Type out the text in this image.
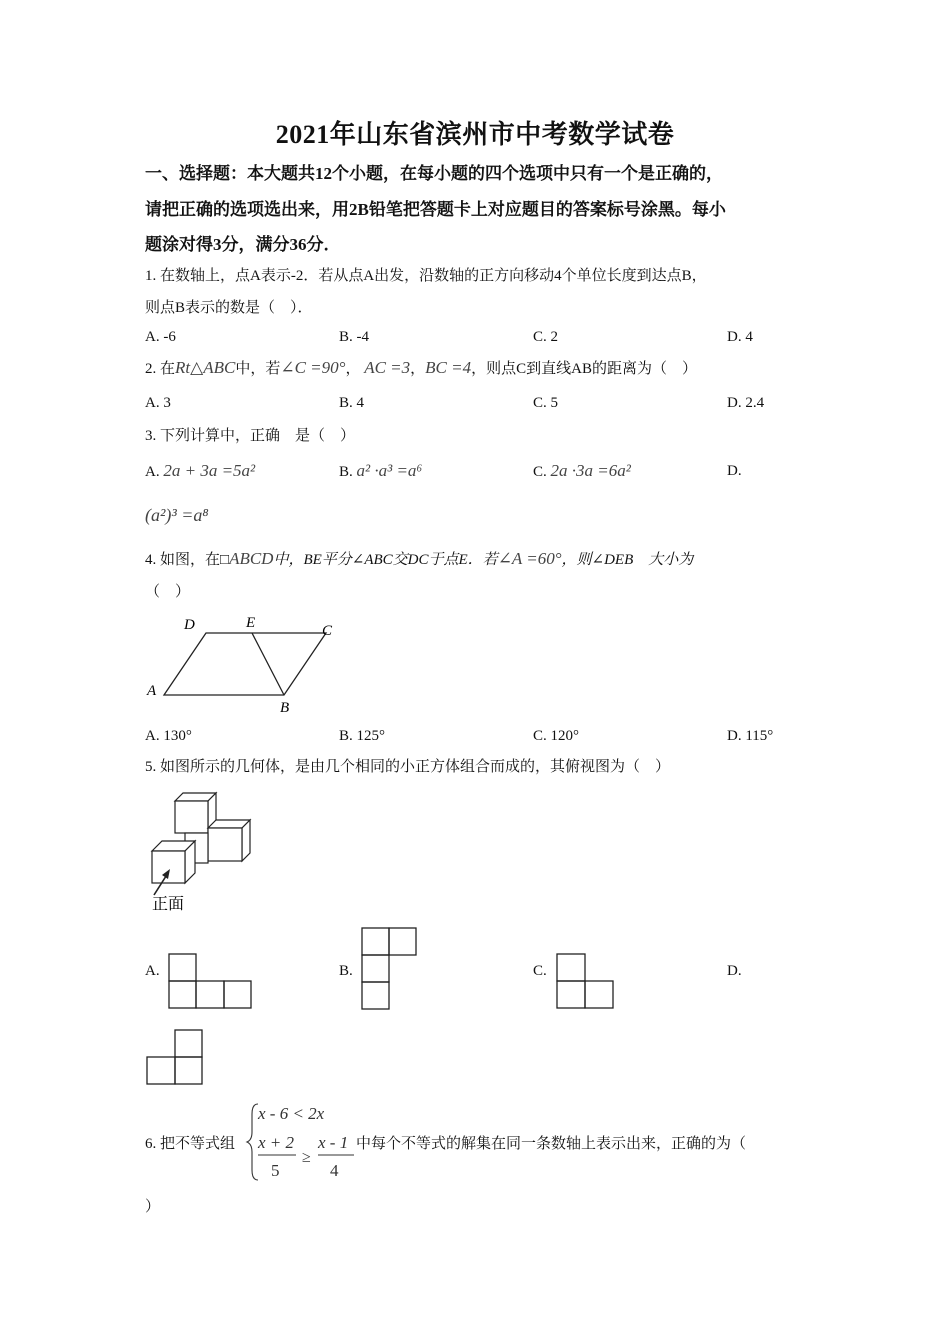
2021年山东省滨州市中考数学试卷
一、选择题：本大题共12个小题，在每小题的四个选项中只有一个是正确的，
请把正确的选项选出来，用2B铅笔把答题卡上对应题目的答案标号涂黑。每小
题涂对得3分，满分36分．
1. 在数轴上，点A表示-2．若从点A出发，沿数轴的正方向移动4个单位长度到达点B，
则点B表示的数是（　）．
A. -6	B. -4	C. 2	D. 4
2. 在Rt△ABC中，若∠C =90°， AC =3，BC =4，则点C到直线AB的距离为（　）
A. 3	B. 4	C. 5	D. 2.4
3. 下列计算中，正确　是（　）
A. 2a + 3a =5a²	B. a² ·a³ =a⁶	C. 2a ·3a =6a²	D.
(a²)³ =a⁸
4. 如图，在□ABCD中，BE平分∠ABC交DC于点E．若∠A =60°，则∠DEB　大小为
（　）
A
B
C
D	E
A. 130°	B. 125°	C. 120°	D. 115°
5. 如图所示的几何体，是由几个相同的小正方体组合而成的，其俯视图为（　）
正面
A.	B.	C.	D.
6. 把不等式组
x - 6 < 2x
x + 2
5
≥
x - 1
4
中每个不等式的解集在同一条数轴上表示出来，正确的为（
）
